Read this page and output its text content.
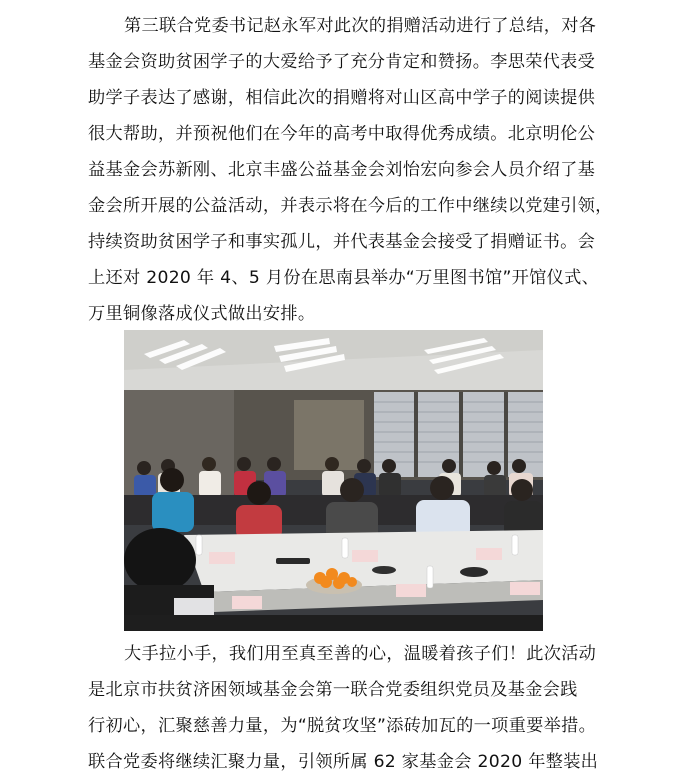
第三联合党委书记赵永军对此次的捐赠活动进行了总结，对各
基金会资助贫困学子的大爱给予了充分肯定和赞扬。李思荣代表受
助学子表达了感谢，相信此次的捐赠将对山区高中学子的阅读提供
很大帮助，并预祝他们在今年的高考中取得优秀成绩。北京明伦公
益基金会苏新刚、北京丰盛公益基金会刘怡宏向参会人员介绍了基
金会所开展的公益活动，并表示将在今后的工作中继续以党建引领，
持续资助贫困学子和事实孤儿，并代表基金会接受了捐赠证书。会
上还对 2020 年 4、5 月份在思南县举办“万里图书馆”开馆仪式、
万里铜像落成仪式做出安排。
大手拉小手，我们用至真至善的心，温暖着孩子们！此次活动
是北京市扶贫济困领域基金会第一联合党委组织党员及基金会践
行初心，汇聚慈善力量，为“脱贫攻坚”添砖加瓦的一项重要举措。
联合党委将继续汇聚力量，引领所属 62 家基金会 2020 年整装出
